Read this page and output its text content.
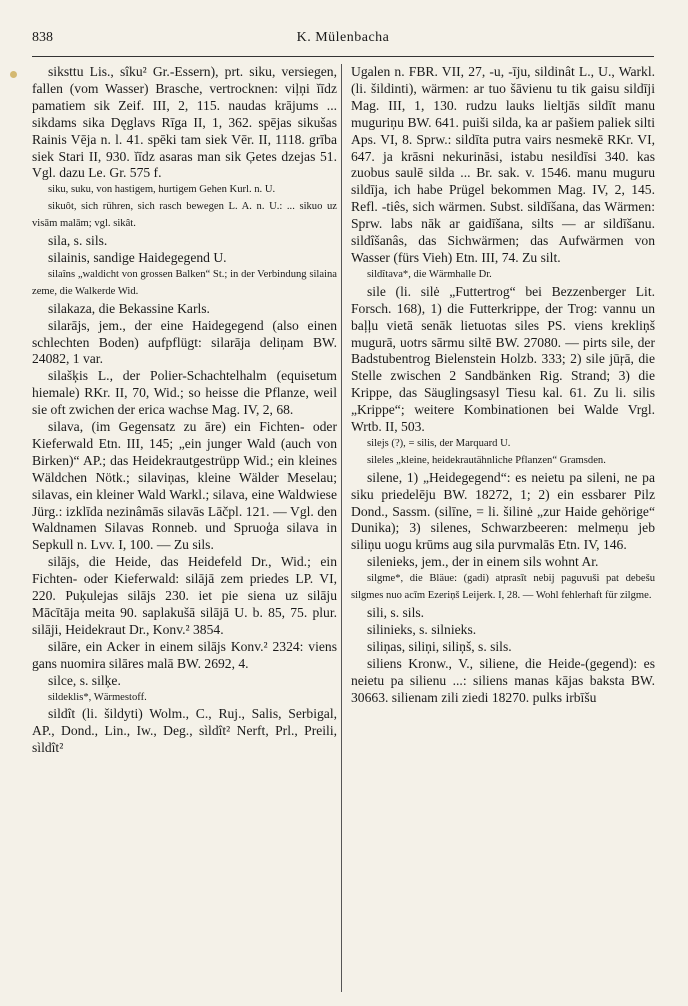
838	K. Mülenbacha

siksttu Lis., sîku² Gr.-Essern), prt. siku, versiegen, fallen (vom Wasser) Brasche, vertrocknen: viļņi ĭīdz pamatiem sik Zeif. III, 2, 115. naudas krājums ... sikdams sika Dęglavs Rīga II, 1, 362. spējas sikušas Rainis Vēja n. l. 41. spēki tam siek Vēr. II, 1118. grība siek Stari II, 930. ĭīdz asaras man sik Ģetes dzejas 51. Vgl. dazu Le. Gr. 575 f.

siku, suku, von hastigem, hurtigem Gehen Kurl. n. U.

sikuôt, sich rühren, sich rasch bewegen L. A. n. U.: ... sikuo uz visām malām; vgl. sikât.

sila, s. sils.

silainis, sandige Haidegegend U.

silaîns „waldicht von grossen Balken“ St.; in der Verbindung silaina zeme, die Walkerde Wid.

silakaza, die Bekassine Karls.

silarājs, jem., der eine Haidegegend (also einen schlechten Boden) aufpflügt: silarāja deliņam BW. 24082, 1 var.

silašķis L., der Polier-Schachtelhalm (equisetum hiemale) RKr. II, 70, Wid.; so heisse die Pflanze, weil sie oft zwichen der erica wachse Mag. IV, 2, 68.

silava, (im Gegensatz zu āre) ein Fichten- oder Kieferwald Etn. III, 145; „ein junger Wald (auch von Birken)“ AP.; das Heidekrautgestrüpp Wid.; ein kleines Wäldchen Nötk.; silaviņas, kleine Wälder Meselau; silavas, ein kleiner Wald Warkl.; silava, eine Waldwiese Jürg.: izklīda nezinâmās silavās Lāčpl. 121. — Vgl. den Waldnamen Silavas Ronneb. und Spruoģa silava in Sepkull n. Lvv. I, 100. — Zu sils.

silājs, die Heide, das Heidefeld Dr., Wid.; ein Fichten- oder Kieferwald: silājā zem priedes LP. VI, 220. Puķulejas silājs 230. iet pie siena uz silāju Mācītāja meita 90. saplakušā silājā U. b. 85, 75. plur. silāji, Heidekraut Dr., Konv.² 3854.

silāre, ein Acker in einem silājs Konv.² 2324: viens gans nuomira silāres malā BW. 2692, 4.

silce, s. silķe.

sildeklis*, Wärmestoff.

sildît (li. šildyti) Wolm., C., Ruj., Salis, Serbigal, AP., Dond., Lin., Iw., Deg., sìldît² Nerft, Prl., Preili, sìldît²

Ugalen n. FBR. VII, 27, -u, -īju, sildinât L., U., Warkl. (li. šildinti), wärmen: ar tuo šāvienu tu tik gaisu sildīji Mag. III, 1, 130. rudzu lauks lieltjās sildīt manu muguriņu BW. 641. puiši silda, ka ar pašiem paliek silti Aps. VI, 8. Sprw.: sildīta putra vairs nesmekē RKr. VI, 647. ja krāsni nekurināsi, istabu nesildīsi 340. kas zuobus saulē silda ... Br. sak. v. 1546. manu muguru sildīja, ich habe Prügel bekommen Mag. IV, 2, 145. Refl. -tiês, sich wärmen. Subst. sildīšana, das Wärmen: Sprw. labs nāk ar gaidīšana, silts — ar sildīšanu. sildîšanâs, das Sichwärmen; das Aufwärmen von Wasser (fürs Vieh) Etn. III, 74. Zu silt.

sildîtava*, die Wärmhalle Dr.

sile (li. silė „Futtertrog“ bei Bezzenberger Lit. Forsch. 168), 1) die Futterkrippe, der Trog: vannu un baļļu vietā senāk lietuotas siles PS. viens krekliņš mugurā, uotrs sārmu siltē BW. 27080. — pirts sile, der Badstubentrog Bielenstein Holzb. 333; 2) sile jūŗā, die Stelle zwischen 2 Sandbänken Rig. Strand; 3) die Krippe, das Säuglingsasyl Tiesu kal. 61. Zu li. silis „Krippe“; weitere Kombinationen bei Walde Vrgl. Wrtb. II, 503.

silejs (?), = silis, der Marquard U.

sileles „kleine, heidekrautähnliche Pflanzen“ Gramsden.

silene, 1) „Heidegegend“: es neietu pa sileni, ne pa siku priedelēju BW. 18272, 1; 2) ein essbarer Pilz Dond., Sassm. (silīne, = li. šilinė „zur Haide gehörige“ Dunika); 3) silenes, Schwarzbeeren: melmeņu jeb siliņu uogu krūms aug sila purvmalās Etn. IV, 146.

silenieks, jem., der in einem sils wohnt Ar.

silgme*, die Bläue: (gadi) atprasīt nebij paguvuši pat debešu silgmes nuo acīm Ezeriņš Leijerk. I, 28. — Wohl fehlerhaft für zilgme.

sili, s. sils.

silinieks, s. silnieks.

siliņas, siliņi, siliņš, s. sils.

siliens Kronw., V., siliene, die Heide-(gegend): es neietu pa silienu ...: siliens manas kājas baksta BW. 30663. silienam zili ziedi 18270. pulks irbīšu
